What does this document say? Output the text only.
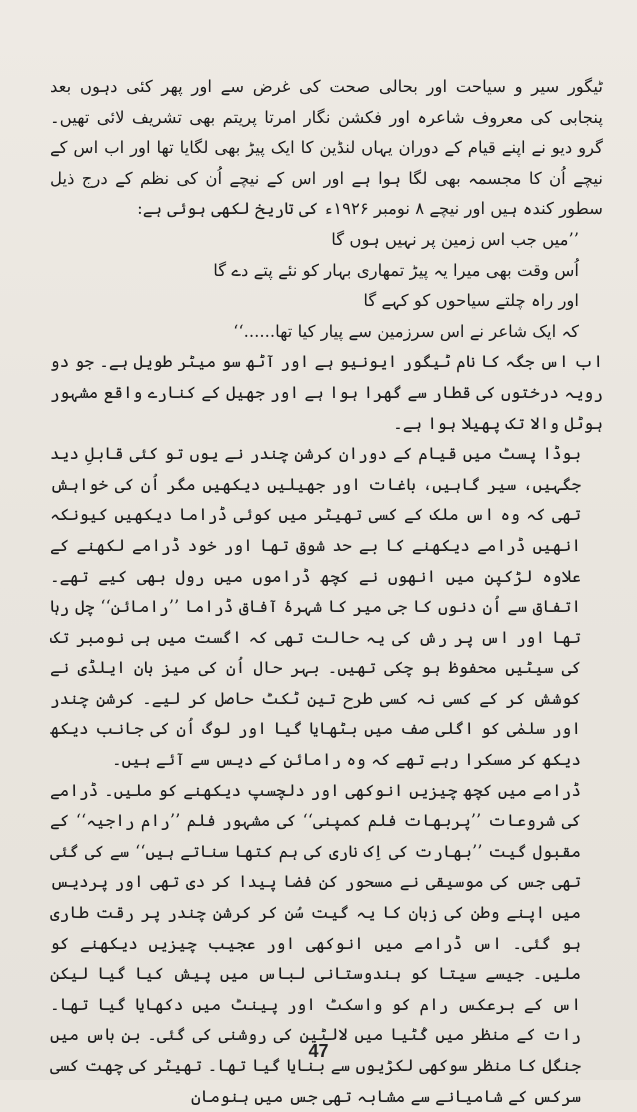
ٹیگور سیر و سیاحت اور بحالی صحت کی غرض سے اور پھر کئی دہوں بعد پنجابی کی معروف شاعرہ اور فکشن نگار امرتا پریتم بھی تشریف لائی تھیں۔ گرو دیو نے اپنے قیام کے دوران یہاں لنڈین کا ایک پیڑ بھی لگایا تھا اور اب اس کے نیچے اُن کا مجسمہ بھی لگا ہوا ہے اور اس کے نیچے اُن کی نظم کے درج ذیل سطور کندہ ہیں اور نیچے ۸ نومبر ۱۹۲۶ء کی تاریخ لکھی ہوئی ہے:

’’میں جب اس زمین پر نہیں ہوں گا

اُس وقت بھی میرا یہ پیڑ تمھاری بہار کو نئے پتے دے گا

اور راہ چلتے سیاحوں کو کہے گا

کہ ایک شاعر نے اس سرزمین سے پیار کیا تھا......‘‘

اب اس جگہ کا نام ٹیگور ایونیو ہے اور آٹھ سو میٹر طویل ہے۔ جو دو رویہ درختوں کی قطار سے گھرا ہوا ہے اور جھیل کے کنارے واقع مشہور ہوٹل والا تک پھیلا ہوا ہے۔

بوڈا پسٹ میں قیام کے دوران کرشن چندر نے یوں تو کئی قابلِ دید جگہیں، سیر گاہیں، باغات اور جھیلیں دیکھیں مگر اُن کی خواہش تھی کہ وہ اس ملک کے کسی تھیٹر میں کوئی ڈراما دیکھیں کیونکہ انھیں ڈرامے دیکھنے کا بے حد شوق تھا اور خود ڈرامے لکھنے کے علاوہ لڑکپن میں انھوں نے کچھ ڈراموں میں رول بھی کیے تھے۔ اتفاق سے اُن دنوں کا جی میر کا شہرۂ آفاق ڈراما ’’رامائن‘‘ چل رہا تھا اور اس پر رش کی یہ حالت تھی کہ اگست میں ہی نومبر تک کی سیٹیں محفوظ ہو چکی تھیں۔ بہر حال اُن کی میز بان ایلڈی نے کوشش کر کے کسی نہ کسی طرح تین ٹکٹ حاصل کر لیے۔ کرشن چندر اور سلمٰی کو اگلی صف میں بٹھایا گیا اور لوگ اُن کی جانب دیکھ دیکھ کر مسکرا رہے تھے کہ وہ رامائن کے دیس سے آئے ہیں۔

ڈرامے میں کچھ چیزیں انوکھی اور دلچسپ دیکھنے کو ملیں۔ ڈرامے کی شروعات ’’پربھات فلم کمپنی‘‘ کی مشہور فلم ’’رام راجیہ‘‘ کے مقبول گیت ’’بھارت کی اِک ناری کی ہم کتھا سناتے ہیں‘‘ سے کی گئی تھی جس کی موسیقی نے مسحور کن فضا پیدا کر دی تھی اور پردیس میں اپنے وطن کی زبان کا یہ گیت سُن کر کرشن چندر پر رقت طاری ہو گئی۔ اس ڈرامے میں انوکھی اور عجیب چیزیں دیکھنے کو ملیں۔ جیسے سیتا کو ہندوستانی لباس میں پیش کیا گیا لیکن اس کے برعکس رام کو واسکٹ اور پینٹ میں دکھایا گیا تھا۔ رات کے منظر میں کُٹیا میں لالٹین کی روشنی کی گئی۔ بن باس میں جنگل کا منظر سوکھی لکڑیوں سے بنایا گیا تھا۔ تھیٹر کی چھت کسی سرکس کے شامیانے سے مشابہ تھی جس میں ہنومان

47
